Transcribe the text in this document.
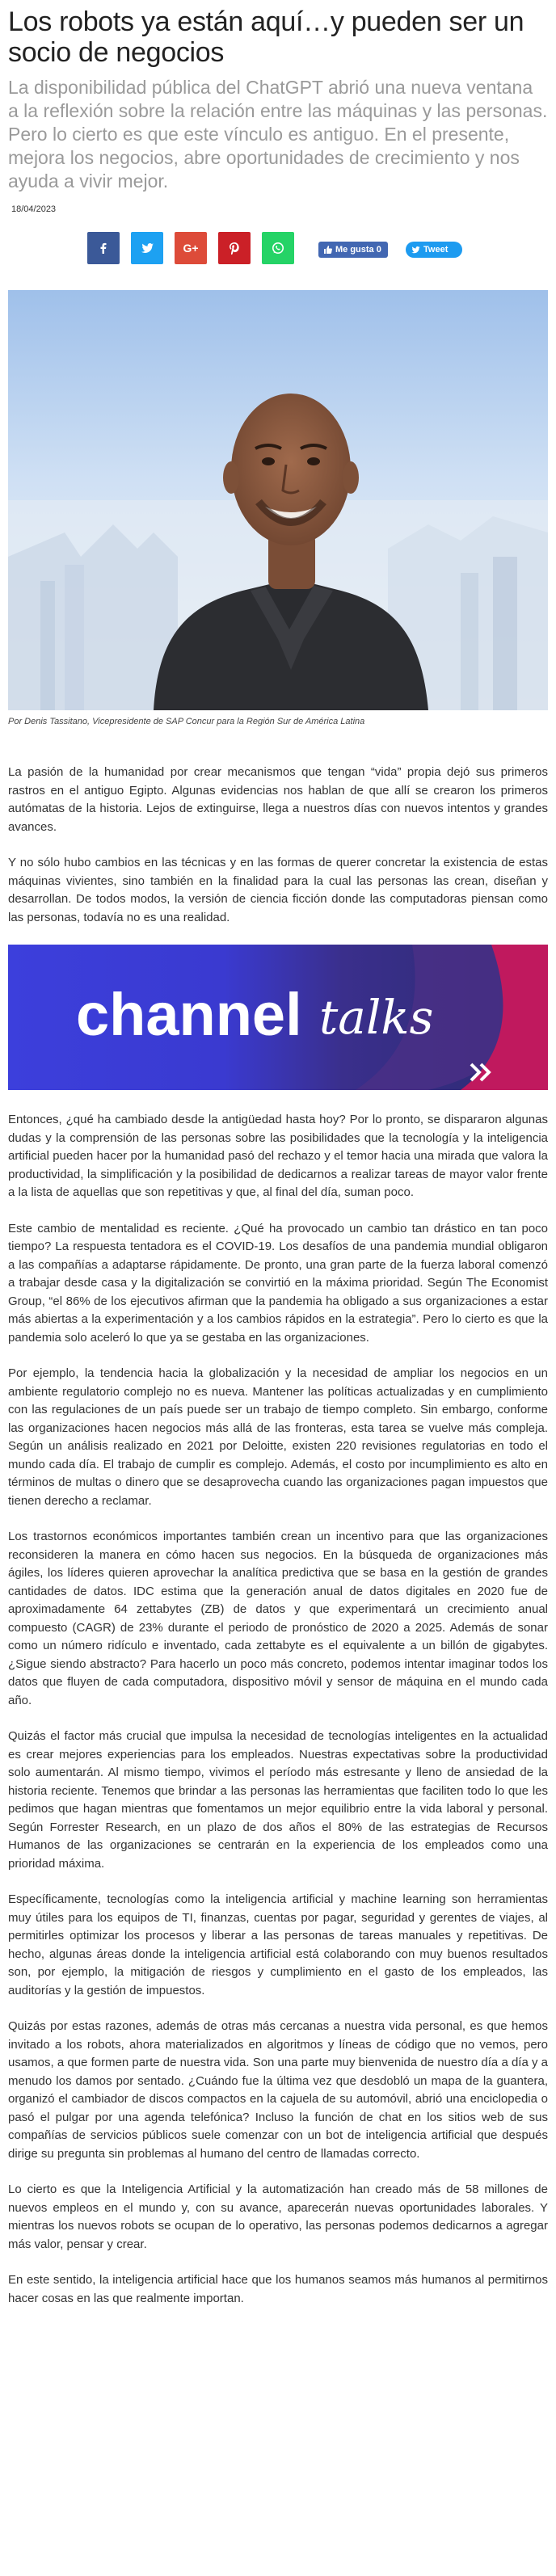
Los robots ya están aquí…y pueden ser un socio de negocios

La disponibilidad pública del ChatGPT abrió una nueva ventana a la reflexión sobre la relación entre las máquinas y las personas. Pero lo cierto es que este vínculo es antiguo. En el presente, mejora los negocios, abre oportunidades de crecimiento y nos ayuda a vivir mejor.

18/04/2023
G+	Me gusta 0	Tweet
Por Denis Tassitano, Vicepresidente de SAP Concur para la Región Sur de América Latina

La pasión de la humanidad por crear mecanismos que tengan “vida” propia dejó sus primeros rastros en el antiguo Egipto. Algunas evidencias nos hablan de que allí se crearon los primeros autómatas de la historia. Lejos de extinguirse, llega a nuestros días con nuevos intentos y grandes avances.

Y no sólo hubo cambios en las técnicas y en las formas de querer concretar la existencia de estas máquinas vivientes, sino también en la finalidad para la cual las personas las crean, diseñan y desarrollan. De todos modos, la versión de ciencia ficción donde las computadoras piensan como las personas, todavía no es una realidad.

channel talks

Entonces, ¿qué ha cambiado desde la antigüedad hasta hoy? Por lo pronto, se dispararon algunas dudas y la comprensión de las personas sobre las posibilidades que la tecnología y la inteligencia artificial pueden hacer por la humanidad pasó del rechazo y el temor hacia una mirada que valora la productividad, la simplificación y la posibilidad de dedicarnos a realizar tareas de mayor valor frente a la lista de aquellas que son repetitivas y que, al final del día, suman poco.

Este cambio de mentalidad es reciente. ¿Qué ha provocado un cambio tan drástico en tan poco tiempo? La respuesta tentadora es el COVID-19. Los desafíos de una pandemia mundial obligaron a las compañías a adaptarse rápidamente. De pronto, una gran parte de la fuerza laboral comenzó a trabajar desde casa y la digitalización se convirtió en la máxima prioridad. Según The Economist Group, “el 86% de los ejecutivos afirman que la pandemia ha obligado a sus organizaciones a estar más abiertas a la experimentación y a los cambios rápidos en la estrategia”. Pero lo cierto es que la pandemia solo aceleró lo que ya se gestaba en las organizaciones.

Por ejemplo, la tendencia hacia la globalización y la necesidad de ampliar los negocios en un ambiente regulatorio complejo no es nueva. Mantener las políticas actualizadas y en cumplimiento con las regulaciones de un país puede ser un trabajo de tiempo completo. Sin embargo, conforme las organizaciones hacen negocios más allá de las fronteras, esta tarea se vuelve más compleja. Según un análisis realizado en 2021 por Deloitte, existen 220 revisiones regulatorias en todo el mundo cada día. El trabajo de cumplir es complejo. Además, el costo por incumplimiento es alto en términos de multas o dinero que se desaprovecha cuando las organizaciones pagan impuestos que tienen derecho a reclamar.

Los trastornos económicos importantes también crean un incentivo para que las organizaciones reconsideren la manera en cómo hacen sus negocios. En la búsqueda de organizaciones más ágiles, los líderes quieren aprovechar la analítica predictiva que se basa en la gestión de grandes cantidades de datos. IDC estima que la generación anual de datos digitales en 2020 fue de aproximadamente 64 zettabytes (ZB) de datos y que experimentará un crecimiento anual compuesto (CAGR) de 23% durante el periodo de pronóstico de 2020 a 2025. Además de sonar como un número ridículo e inventado, cada zettabyte es el equivalente a un billón de gigabytes. ¿Sigue siendo abstracto? Para hacerlo un poco más concreto, podemos intentar imaginar todos los datos que fluyen de cada computadora, dispositivo móvil y sensor de máquina en el mundo cada año.

Quizás el factor más crucial que impulsa la necesidad de tecnologías inteligentes en la actualidad es crear mejores experiencias para los empleados. Nuestras expectativas sobre la productividad solo aumentarán. Al mismo tiempo, vivimos el período más estresante y lleno de ansiedad de la historia reciente. Tenemos que brindar a las personas las herramientas que faciliten todo lo que les pedimos que hagan mientras que fomentamos un mejor equilibrio entre la vida laboral y personal. Según Forrester Research, en un plazo de dos años el 80% de las estrategias de Recursos Humanos de las organizaciones se centrarán en la experiencia de los empleados como una prioridad máxima.

Específicamente, tecnologías como la inteligencia artificial y machine learning son herramientas muy útiles para los equipos de TI, finanzas, cuentas por pagar, seguridad y gerentes de viajes, al permitirles optimizar los procesos y liberar a las personas de tareas manuales y repetitivas. De hecho, algunas áreas donde la inteligencia artificial está colaborando con muy buenos resultados son, por ejemplo, la mitigación de riesgos y cumplimiento en el gasto de los empleados, las auditorías y la gestión de impuestos.

Quizás por estas razones, además de otras más cercanas a nuestra vida personal, es que hemos invitado a los robots, ahora materializados en algoritmos y líneas de código que no vemos, pero usamos, a que formen parte de nuestra vida. Son una parte muy bienvenida de nuestro día a día y a menudo los damos por sentado. ¿Cuándo fue la última vez que desdobló un mapa de la guantera, organizó el cambiador de discos compactos en la cajuela de su automóvil, abrió una enciclopedia o pasó el pulgar por una agenda telefónica? Incluso la función de chat en los sitios web de sus compañías de servicios públicos suele comenzar con un bot de inteligencia artificial que después dirige su pregunta sin problemas al humano del centro de llamadas correcto.

Lo cierto es que la Inteligencia Artificial y la automatización han creado más de 58 millones de nuevos empleos en el mundo y, con su avance, aparecerán nuevas oportunidades laborales. Y mientras los nuevos robots se ocupan de lo operativo, las personas podemos dedicarnos a agregar más valor, pensar y crear.

En este sentido, la inteligencia artificial hace que los humanos seamos más humanos al permitirnos hacer cosas en las que realmente importan.
